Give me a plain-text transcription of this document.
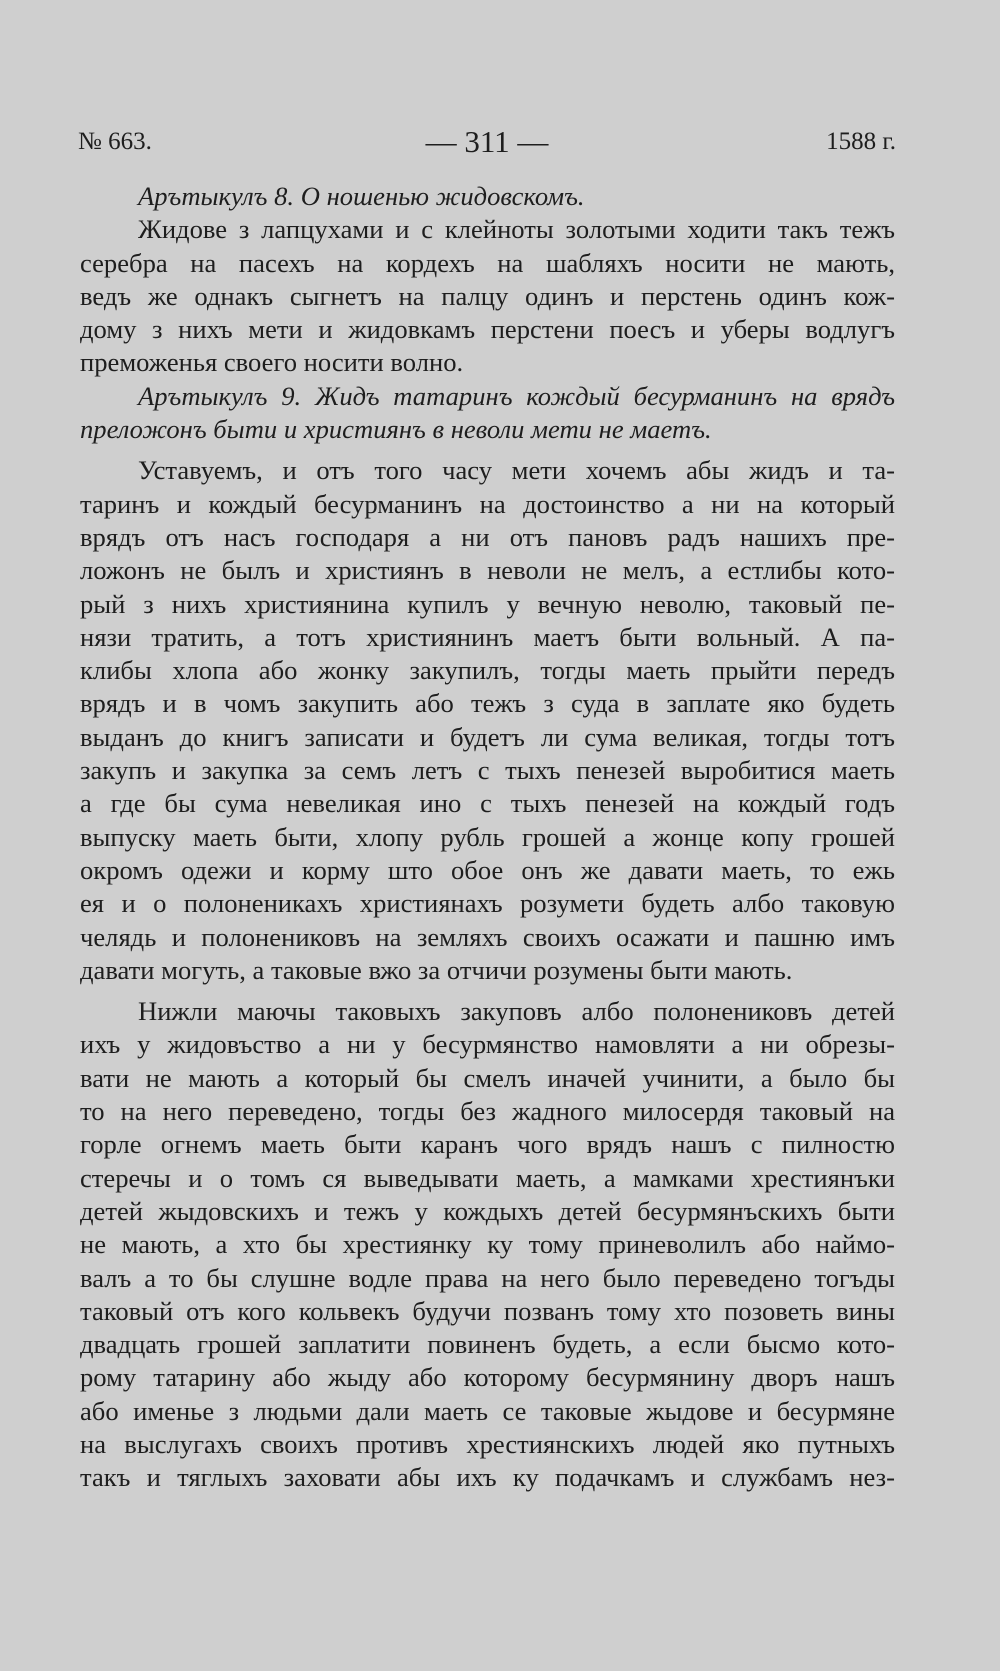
№ 663.	— 311 —	1588 г.
Арътыкулъ 8. О ношенью жидовскомъ.
Жидове з лапцухами и с клейноты золотыми ходити такъ тежъ
серебра на пасехъ на кордехъ на шабляхъ носити не мають,
ведъ же однакъ сыгнетъ на палцу одинъ и перстень одинъ кож-
дому з нихъ мети и жидовкамъ перстени поесъ и уберы водлугъ
преможенья своего носити волно.
Арътыкулъ 9. Жидъ татаринъ кождый бесурманинъ на врядъ
преложонъ быти и християнъ в неволи мети не маетъ.
Уставуемъ, и отъ того часу мети хочемъ абы жидъ и та-
таринъ и кождый бесурманинъ на достоинство а ни на который
врядъ отъ насъ господаря а ни отъ пановъ радъ нашихъ пре-
ложонъ не былъ и християнъ в неволи не мелъ, а естлибы кото-
рый з нихъ християнина купилъ у вечную неволю, таковый пе-
нязи тратить, а тотъ християнинъ маетъ быти вольный. А па-
клибы хлопа або жонку закупилъ, тогды маеть прыйти передъ
врядъ и в чомъ закупить або тежъ з суда в заплате яко будеть
выданъ до книгъ записати и будетъ ли сума великая, тогды тотъ
закупъ и закупка за семъ летъ с тыхъ пенезей выробитися маеть
а где бы сума невеликая ино с тыхъ пенезей на кождый годъ
выпуску маеть быти, хлопу рубль грошей а жонце копу грошей
окромъ одежи и корму што обое онъ же давати маеть, то ежь
ея и о полоненикахъ християнахъ розумети будеть албо таковую
челядь и полонениковъ на земляхъ своихъ осажати и пашню имъ
давати могуть, а таковые вжо за отчичи розумены быти мають.
Нижли маючы таковыхъ закуповъ албо полонениковъ детей
ихъ у жидовъство а ни у бесурмянство намовляти а ни обрезы-
вати не мають а который бы смелъ иначей учинити, а было бы
то на него переведено, тогды без жадного милосердя таковый на
горле огнемъ маеть быти каранъ чого врядъ нашъ с пилностю
стеречы и о томъ ся выведывати маеть, а мамками хрестиянъки
детей жыдовскихъ и тежъ у кождыхъ детей бесурмянъскихъ быти
не мають, а хто бы хрестиянку ку тому приневолилъ або наймо-
валъ а то бы слушне водле права на него было переведено тогъды
таковый отъ кого кольвекъ будучи позванъ тому хто позоветь вины
двадцать грошей заплатити повиненъ будеть, а если бысмо кото-
рому татарину або жыду або которому бесурмянину дворъ нашъ
або именье з людьми дали маеть се таковые жыдове и бесурмяне
на выслугахъ своихъ противъ хрестиянскихъ людей яко путныхъ
такъ и тяглыхъ заховати абы ихъ ку подачкамъ и службамъ нез-
